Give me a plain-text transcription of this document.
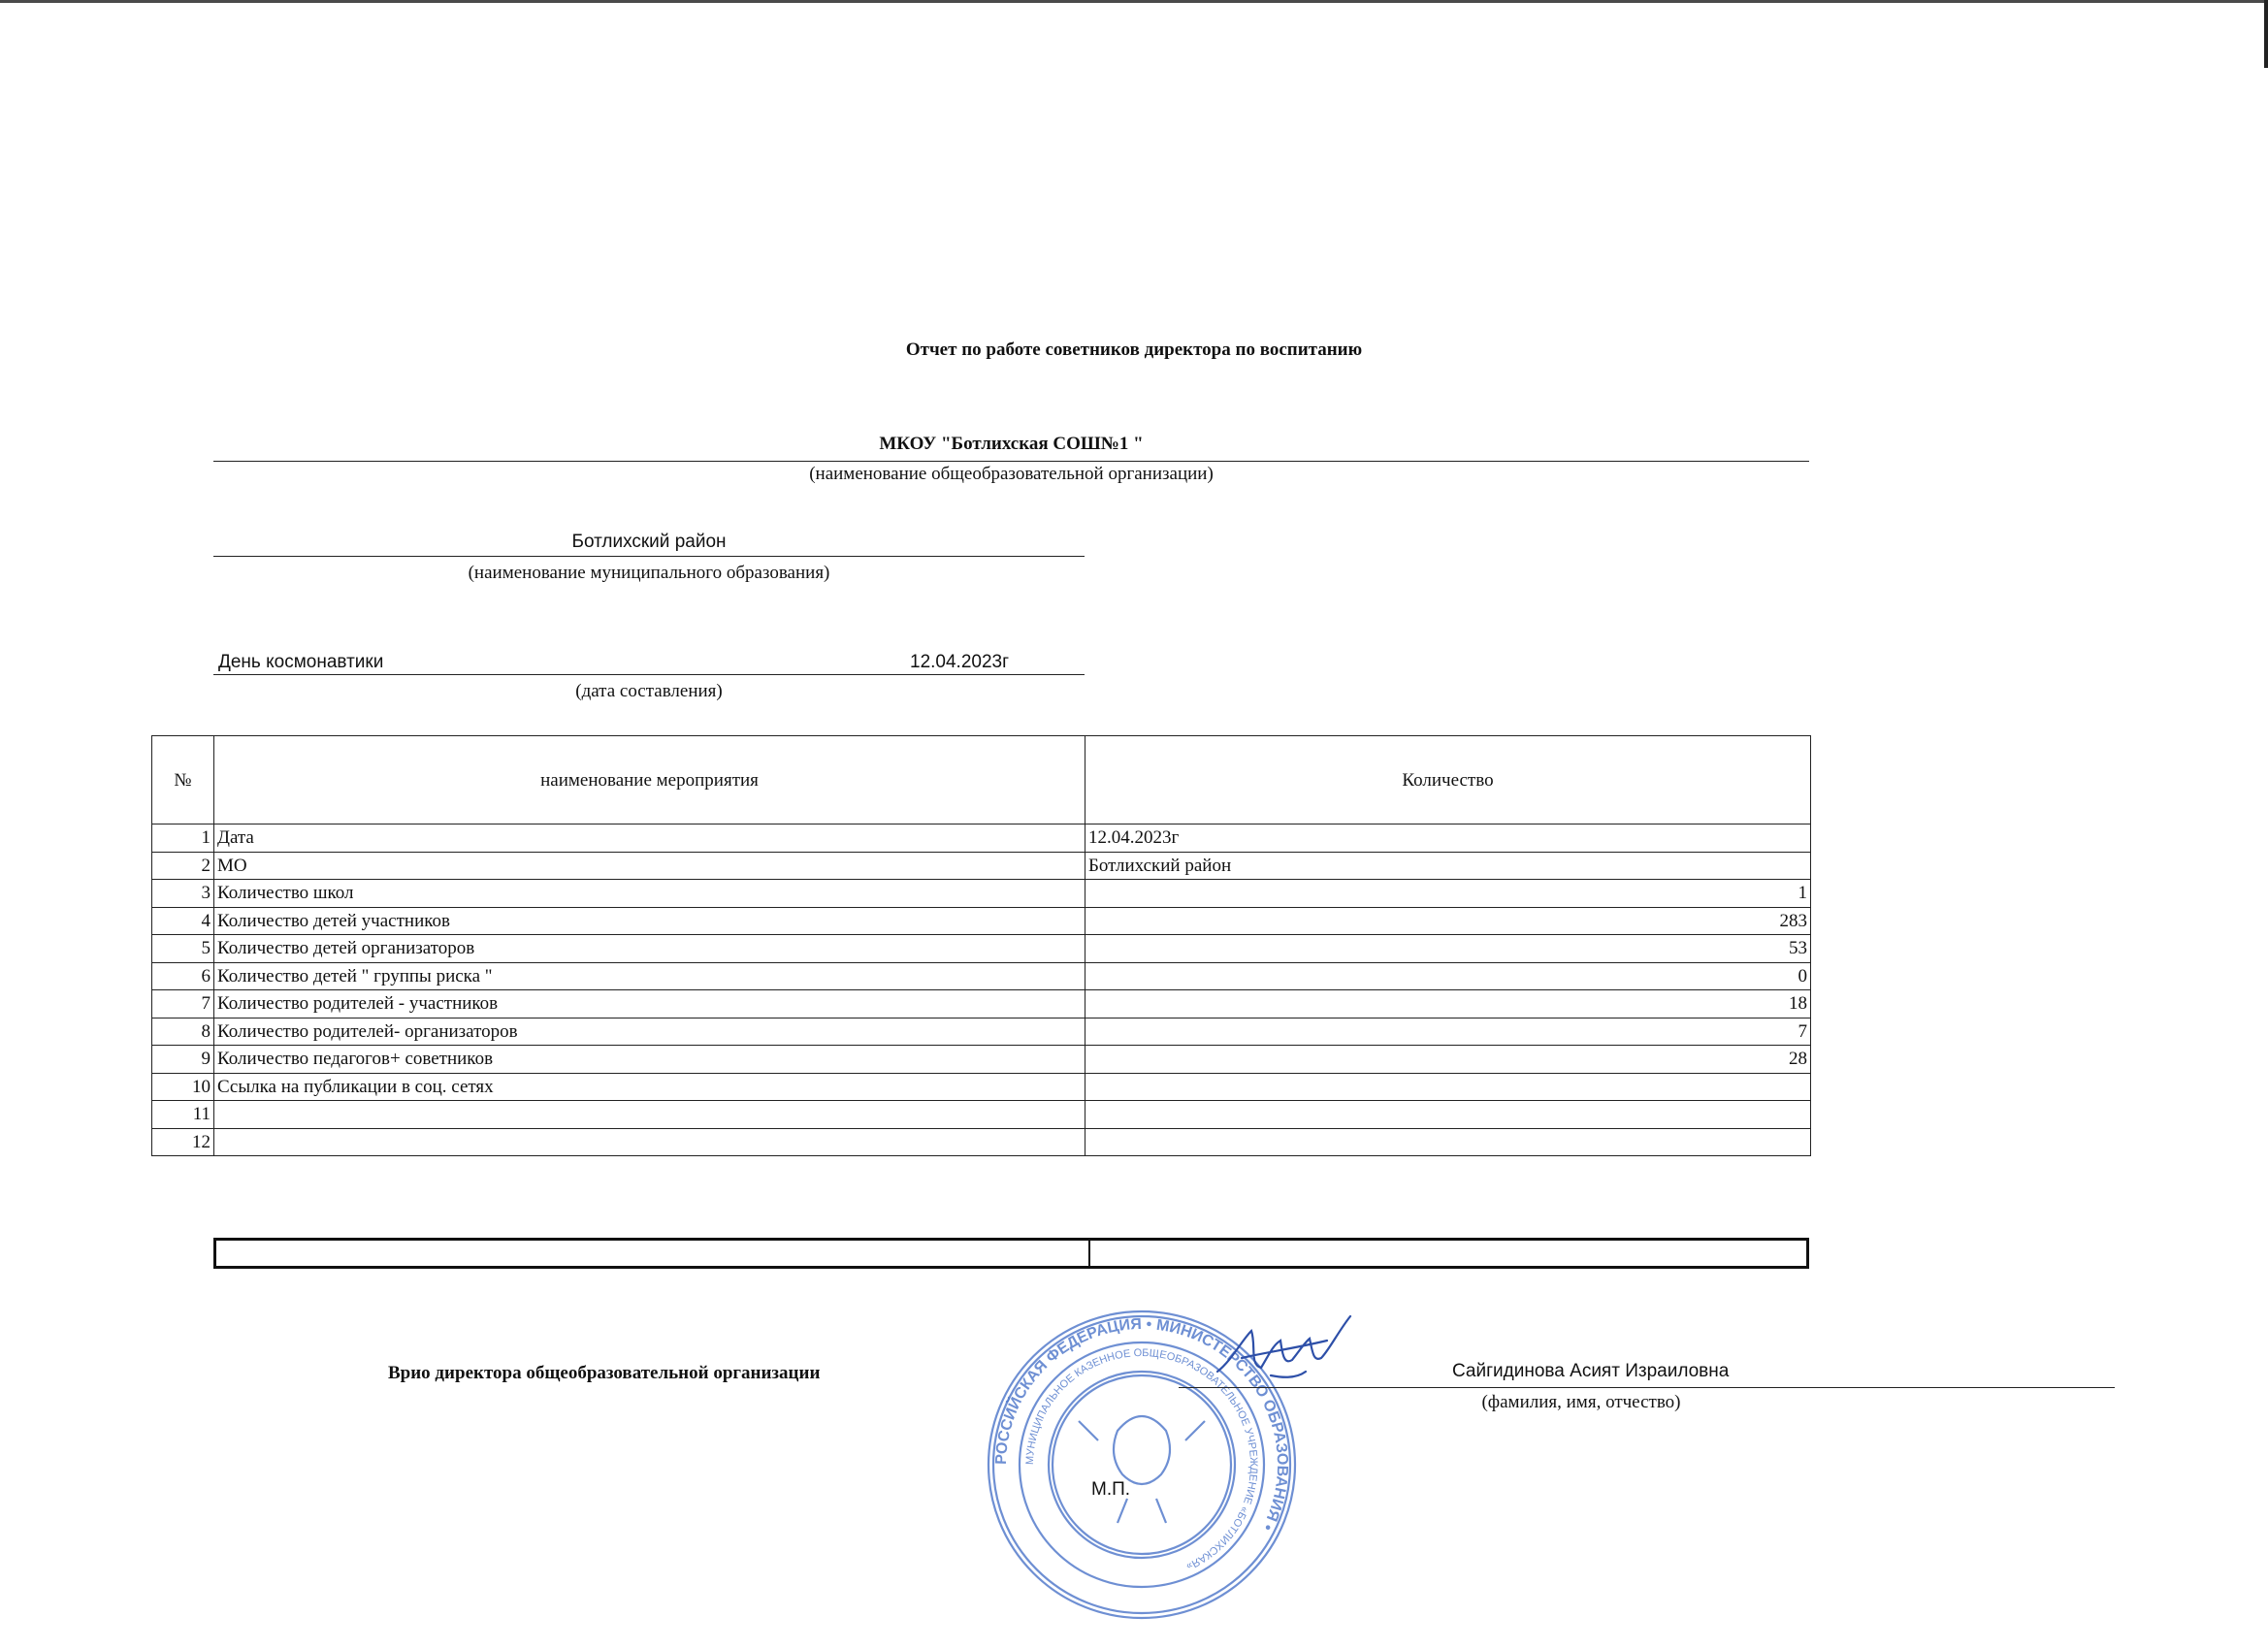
Отчет по работе советников директора по воспитанию
МКОУ "Ботлихская СОШ№1 "
(наименование общеобразовательной организации)
Ботлихский район
(наименование муниципального образования)
День космонавтики	12.04.2023г
(дата составления)
№	наименование мероприятия	Количество
1	Дата	12.04.2023г
2	МО	Ботлихский район
3	Количество школ	1
4	Количество детей участников	283
5	Количество детей организаторов	53
6	Количество детей " группы риска "	0
7	Количество родителей - участников	18
8	Количество родителей- организаторов	7
9	Количество педагогов+ советников	28
10	Ссылка на публикации в соц. сетях	
11		
12		
РОССИЙСКАЯ ФЕДЕРАЦИЯ • МИНИСТЕРСТВО ОБРАЗОВАНИЯ •
МУНИЦИПАЛЬНОЕ КАЗЕННОЕ ОБЩЕОБРАЗОВАТЕЛЬНОЕ УЧРЕЖДЕНИЕ «БОТЛИХСКАЯ»
Врио директора общеобразовательной организации	Сайгидинова Асият Израиловна
(фамилия, имя, отчество)
М.П.
